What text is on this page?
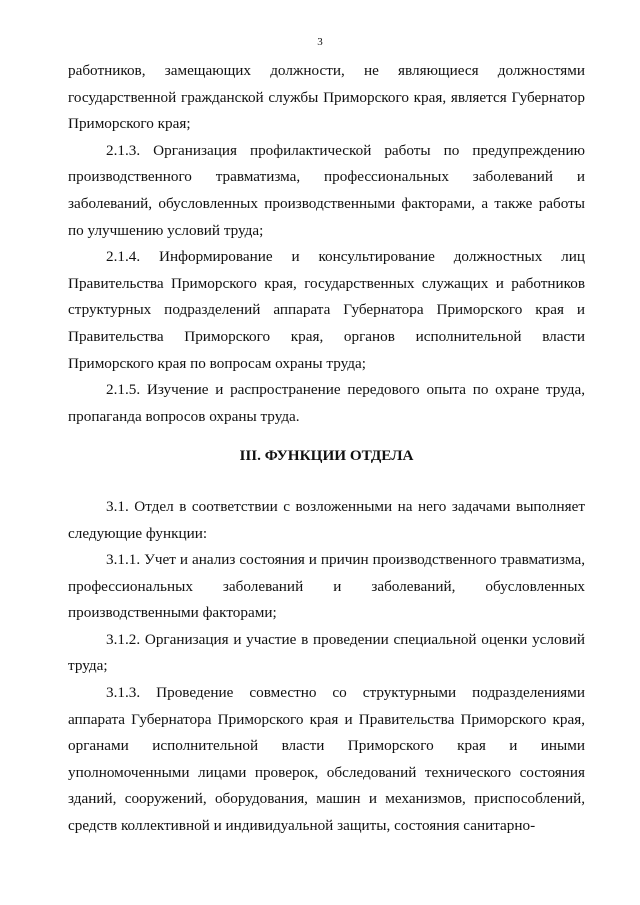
3
работников, замещающих должности, не являющиеся должностями
государственной гражданской службы Приморского края, является Губернатор
Приморского края;
2.1.3. Организация профилактической работы по предупреждению
производственного травматизма, профессиональных заболеваний и
заболеваний, обусловленных производственными факторами, а также работы
по улучшению условий труда;
2.1.4. Информирование и консультирование должностных лиц
Правительства Приморского края, государственных служащих и работников
структурных подразделений аппарата Губернатора Приморского края и
Правительства Приморского края, органов исполнительной власти
Приморского края по вопросам охраны труда;
2.1.5. Изучение и распространение передового опыта по охране труда,
пропаганда вопросов охраны труда.
III. ФУНКЦИИ ОТДЕЛА
3.1. Отдел в соответствии с возложенными на него задачами выполняет
следующие функции:
3.1.1. Учет и анализ состояния и причин производственного травматизма,
профессиональных заболеваний и заболеваний, обусловленных
производственными факторами;
3.1.2. Организация и участие в проведении специальной оценки условий
труда;
3.1.3. Проведение совместно со структурными подразделениями
аппарата Губернатора Приморского края и Правительства Приморского края,
органами исполнительной власти Приморского края и иными
уполномоченными лицами проверок, обследований технического состояния
зданий, сооружений, оборудования, машин и механизмов, приспособлений,
средств коллективной и индивидуальной защиты, состояния санитарно-
